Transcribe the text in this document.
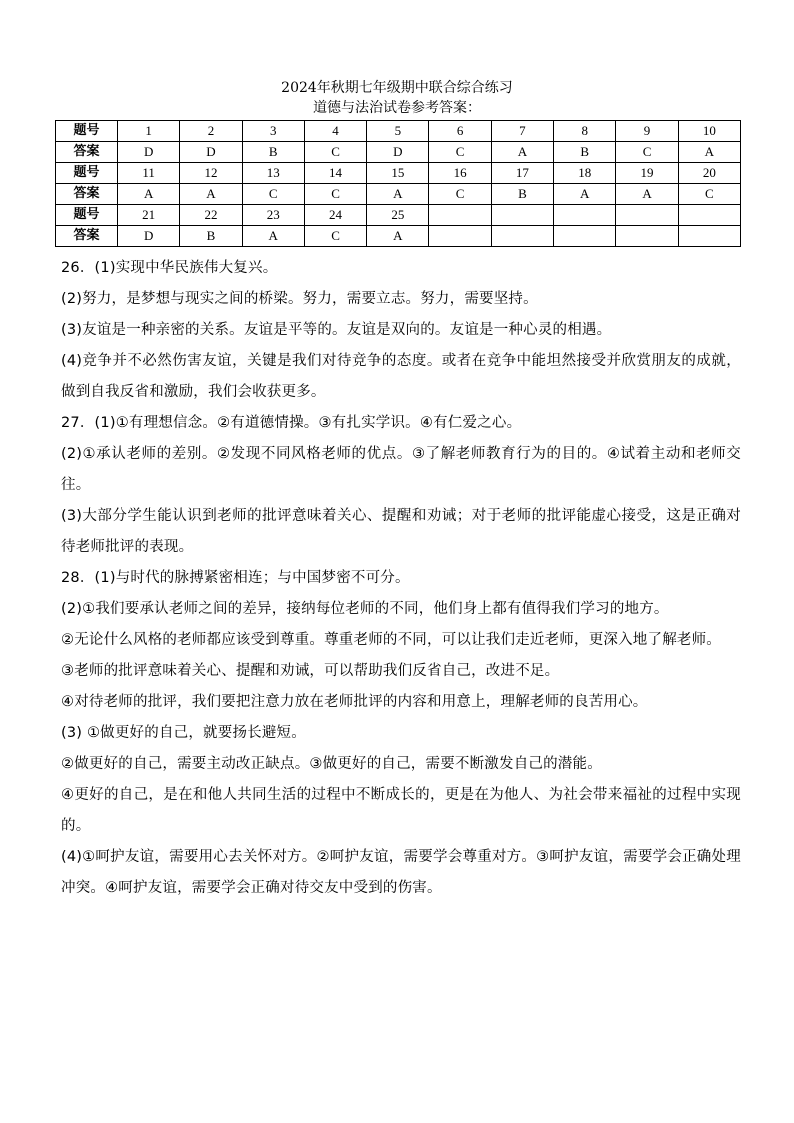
2024年秋期七年级期中联合综合练习
道德与法治试卷参考答案：
题号	1	2	3	4	5	6	7	8	9	10
答案	D	D	B	C	D	C	A	B	C	A
题号	11	12	13	14	15	16	17	18	19	20
答案	A	A	C	C	A	C	B	A	A	C
题号	21	22	23	24	25					
答案	D	B	A	C	A					

26．(1)实现中华民族伟大复兴。

(2)努力，是梦想与现实之间的桥梁。努力，需要立志。努力，需要坚持。

(3)友谊是一种亲密的关系。友谊是平等的。友谊是双向的。友谊是一种心灵的相遇。

(4)竞争并不必然伤害友谊，关键是我们对待竞争的态度。或者在竞争中能坦然接受并欣赏朋友的成就，做到自我反省和激励，我们会收获更多。

27．(1)①有理想信念。②有道德情操。③有扎实学识。④有仁爱之心。

(2)①承认老师的差别。②发现不同风格老师的优点。③了解老师教育行为的目的。④试着主动和老师交往。

(3)大部分学生能认识到老师的批评意味着关心、提醒和劝诫；对于老师的批评能虚心接受，这是正确对待老师批评的表现。

28．(1)与时代的脉搏紧密相连；与中国梦密不可分。

(2)①我们要承认老师之间的差异，接纳每位老师的不同，他们身上都有值得我们学习的地方。

②无论什么风格的老师都应该受到尊重。尊重老师的不同，可以让我们走近老师，更深入地了解老师。

③老师的批评意味着关心、提醒和劝诫，可以帮助我们反省自己，改进不足。

④对待老师的批评，我们要把注意力放在老师批评的内容和用意上，理解老师的良苦用心。

(3) ①做更好的自己，就要扬长避短。

②做更好的自己，需要主动改正缺点。③做更好的自己，需要不断激发自己的潜能。

④更好的自己，是在和他人共同生活的过程中不断成长的，更是在为他人、为社会带来福祉的过程中实现的。

(4)①呵护友谊，需要用心去关怀对方。②呵护友谊，需要学会尊重对方。③呵护友谊，需要学会正确处理冲突。④呵护友谊，需要学会正确对待交友中受到的伤害。
